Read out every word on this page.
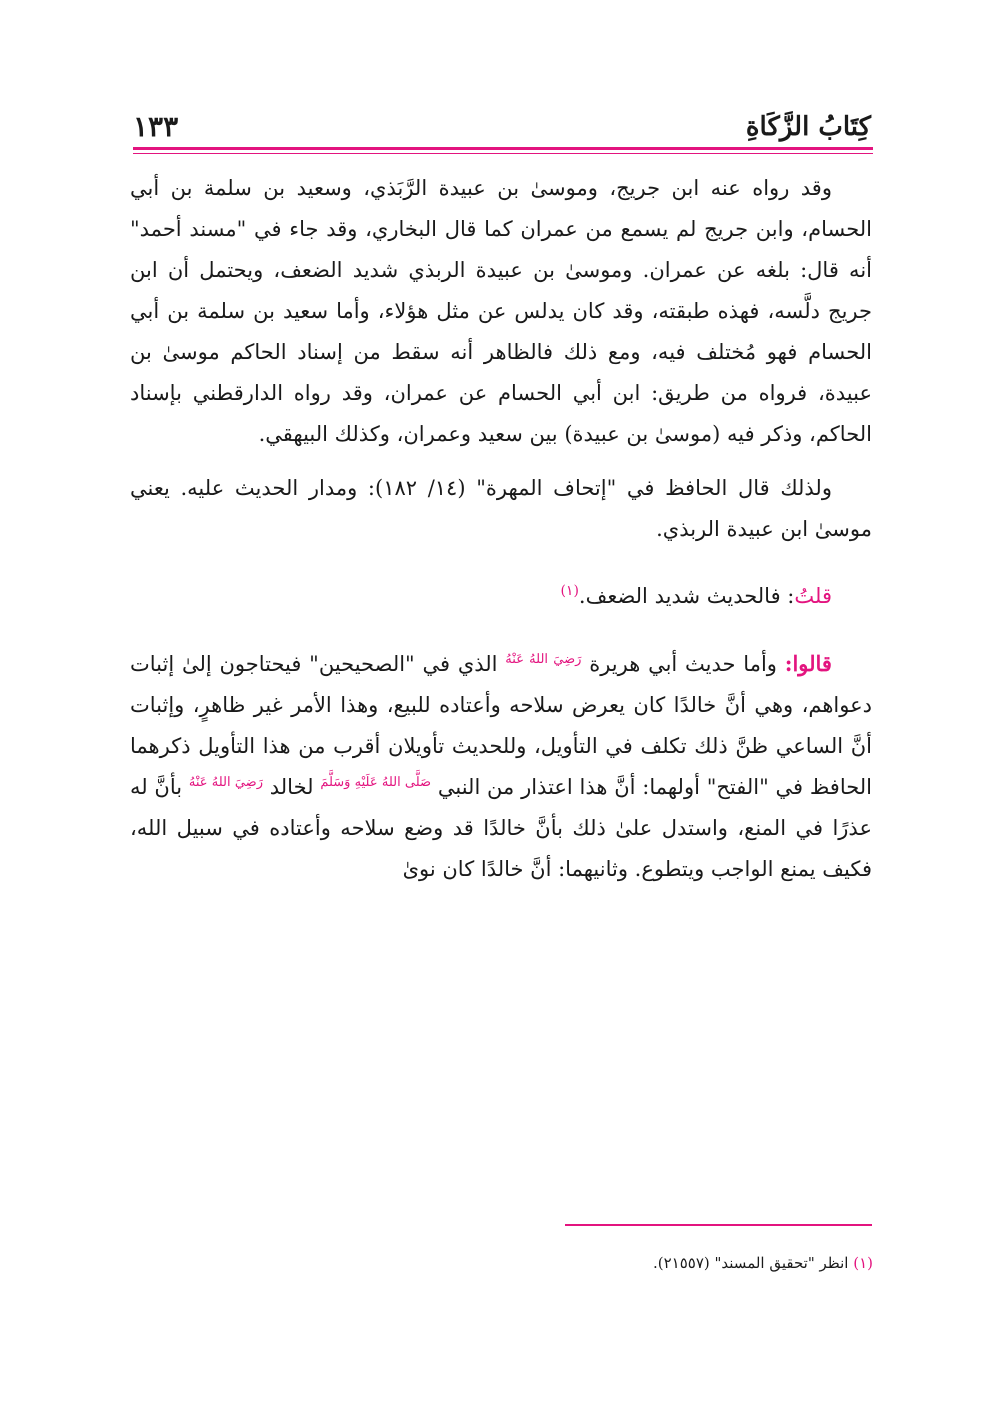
كِتَابُ الزَّكَاةِ
١٣٣

وقد رواه عنه ابن جريج، وموسىٰ بن عبيدة الرَّبَذي، وسعيد بن سلمة بن أبي الحسام، وابن جريج لم يسمع من عمران كما قال البخاري، وقد جاء في "مسند أحمد" أنه قال: بلغه عن عمران. وموسىٰ بن عبيدة الربذي شديد الضعف، ويحتمل أن ابن جريج دلَّسه، فهذه طبقته، وقد كان يدلس عن مثل هؤلاء، وأما سعيد بن سلمة بن أبي الحسام فهو مُختلف فيه، ومع ذلك فالظاهر أنه سقط من إسناد الحاكم موسىٰ بن عبيدة، فرواه من طريق: ابن أبي الحسام عن عمران، وقد رواه الدارقطني بإسناد الحاكم، وذكر فيه (موسىٰ بن عبيدة) بين سعيد وعمران، وكذلك البيهقي.

ولذلك قال الحافظ في "إتحاف المهرة" (١٤/ ١٨٢): ومدار الحديث عليه. يعني موسىٰ ابن عبيدة الربذي.

قلتُ: فالحديث شديد الضعف.$^{(١)}$

قالوا: وأما حديث أبي هريرة $^{رَضِيَ اللهُ عَنْهُ}$ الذي في "الصحيحين" فيحتاجون إلىٰ إثبات دعواهم، وهي أنَّ خالدًا كان يعرض سلاحه وأعتاده للبيع، وهذا الأمر غير ظاهرٍ، وإثبات أنَّ الساعي ظنَّ ذلك تكلف في التأويل، وللحديث تأويلان أقرب من هذا التأويل ذكرهما الحافظ في "الفتح" أولهما: أنَّ هذا اعتذار من النبي $^{صَلَّى اللهُ عَلَيْهِ وَسَلَّمَ}$ لخالد $^{رَضِيَ اللهُ عَنْهُ}$ بأنَّ له عذرًا في المنع، واستدل علىٰ ذلك بأنَّ خالدًا قد وضع سلاحه وأعتاده في سبيل الله، فكيف يمنع الواجب ويتطوع. وثانيهما: أنَّ خالدًا كان نوىٰ

(١) انظر "تحقيق المسند" (٢١٥٥٧).
